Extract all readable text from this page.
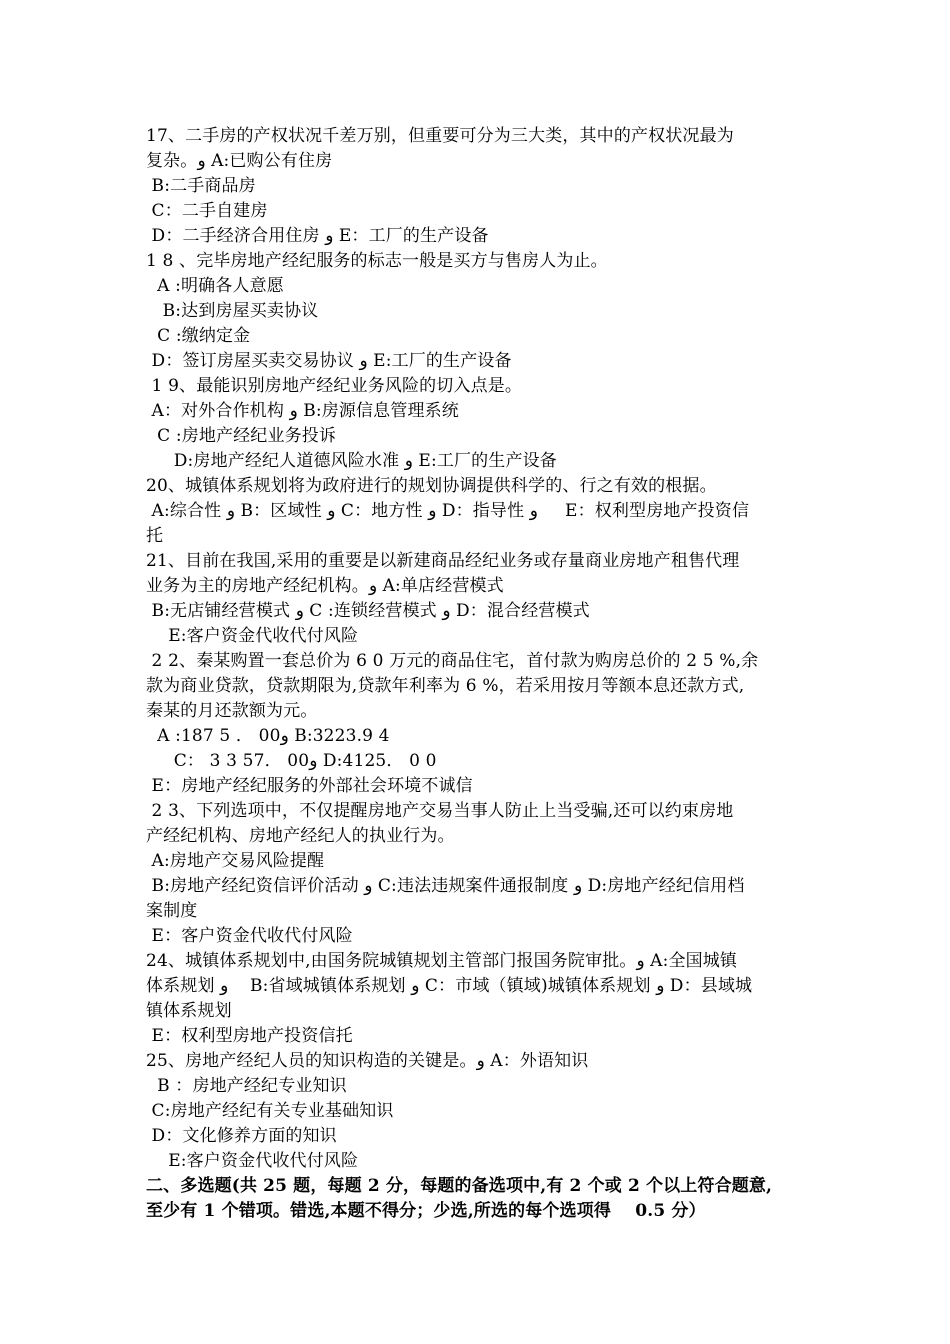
17、二手房的产权状况千差万别，但重要可分为三大类，其中的产权状况最为
复杂。و A:已购公有住房
B:二手商品房
C：二手自建房
D：二手经济合用住房 و E：工厂的生产设备
1 8 、完毕房地产经纪服务的标志一般是买方与售房人为止。
A :明确各人意愿
B:达到房屋买卖协议
C :缴纳定金
D：签订房屋买卖交易协议 و E:工厂的生产设备
1 9、最能识别房地产经纪业务风险的切入点是。
A：对外合作机构 و B:房源信息管理系统
C :房地产经纪业务投诉
D:房地产经纪人道德风险水准 و E:工厂的生产设备
20、城镇体系规划将为政府进行的规划协调提供科学的、行之有效的根据。
A:综合性 و B：区域性 و C：地方性 و D：指导性 و     E：权利型房地产投资信
托
21、目前在我国,采用的重要是以新建商品经纪业务或存量商业房地产租售代理
业务为主的房地产经纪机构。و A:单店经营模式
B:无店铺经营模式 و C :连锁经营模式 و D：混合经营模式
E:客户资金代收代付风险
2 2、秦某购置一套总价为 6 0 万元的商品住宅，首付款为购房总价的 2 5 %,余
款为商业贷款，贷款期限为,贷款年利率为 6 %，若采用按月等额本息还款方式,
秦某的月还款额为元。
A :187 5 ． 00و B:3223.9 4
C： 3 3 57． 00و D:4125． 0 0
E：房地产经纪服务的外部社会环境不诚信
2 3、下列选项中，不仅提醒房地产交易当事人防止上当受骗,还可以约束房地
产经纪机构、房地产经纪人的执业行为。
A:房地产交易风险提醒
B:房地产经纪资信评价活动 و C:违法违规案件通报制度 و D:房地产经纪信用档
案制度
E：客户资金代收代付风险
24、城镇体系规划中,由国务院城镇规划主管部门报国务院审批。و A:全国城镇
体系规划 و    B:省域城镇体系规划 و C：市域（镇域)城镇体系规划 و D：县域城
镇体系规划
E：权利型房地产投资信托
25、房地产经纪人员的知识构造的关键是。و A：外语知识
B ：房地产经纪专业知识
C:房地产经纪有关专业基础知识
D：文化修养方面的知识
E:客户资金代收代付风险
二、多选题(共 25 题，每题 2 分，每题的备选项中,有 2 个或 2 个以上符合题意,
至少有 1 个错项。错选,本题不得分；少选,所选的每个选项得    0.5 分）
